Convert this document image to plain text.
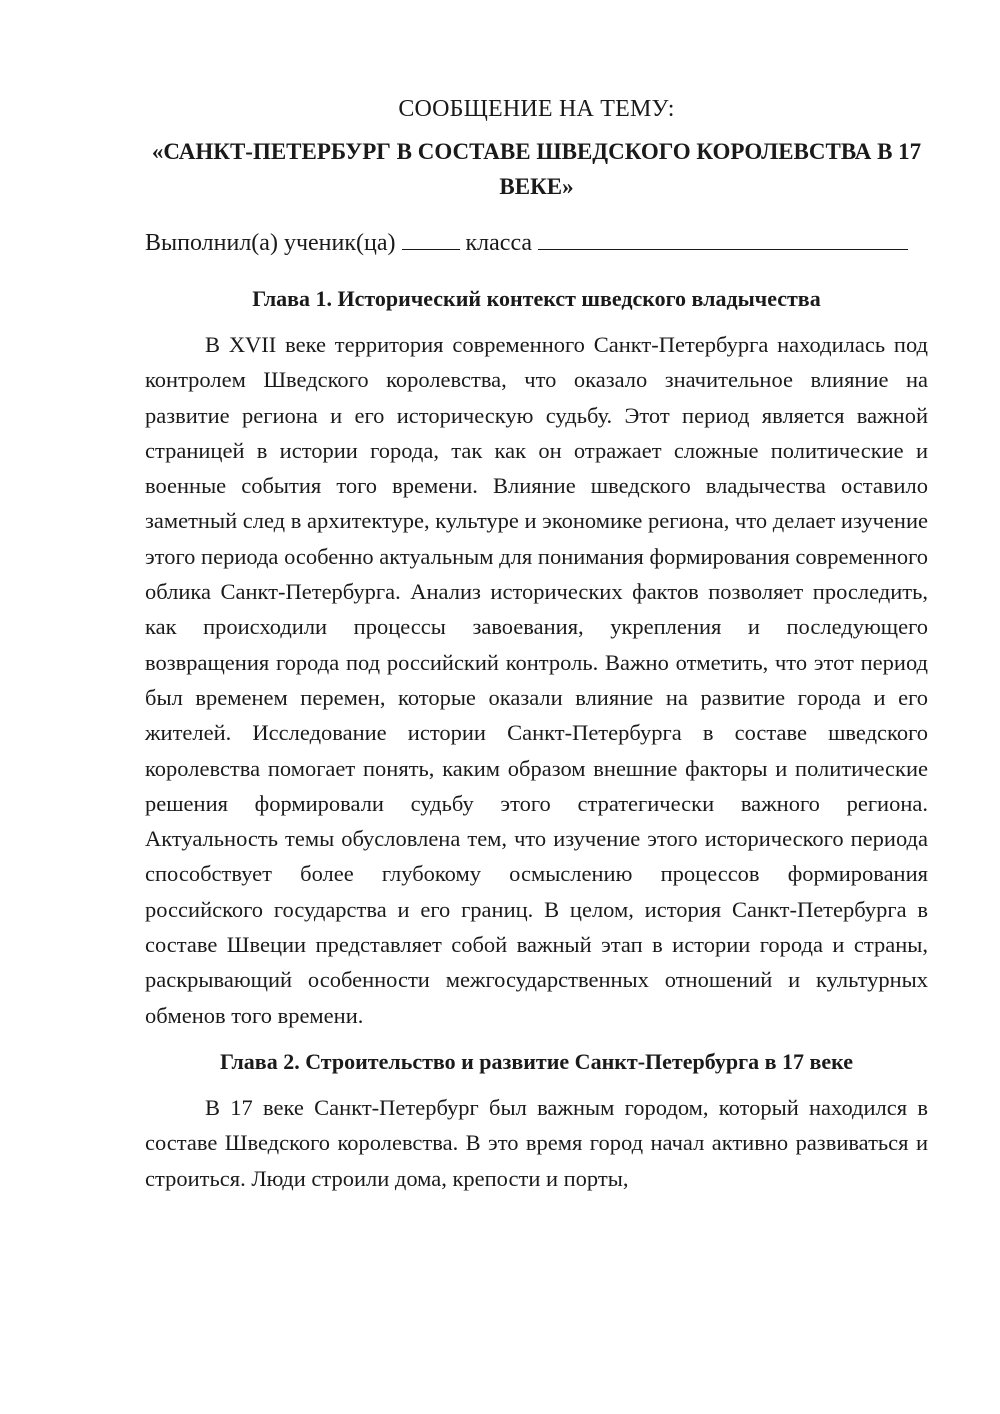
СООБЩЕНИЕ НА ТЕМУ:
«САНКТ-ПЕТЕРБУРГ В СОСТАВЕ ШВЕДСКОГО КОРОЛЕВСТВА В 17 ВЕКЕ»
Выполнил(а) ученик(ца)	класса
Глава 1. Исторический контекст шведского владычества

В XVII веке территория современного Санкт-Петербурга находилась под контролем Шведского королевства, что оказало значительное влияние на развитие региона и его историческую судьбу. Этот период является важной страницей в истории города, так как он отражает сложные политические и военные события того времени. Влияние шведского владычества оставило заметный след в архитектуре, культуре и экономике региона, что делает изучение этого периода особенно актуальным для понимания формирования современного облика Санкт-Петербурга. Анализ исторических фактов позволяет проследить, как происходили процессы завоевания, укрепления и последующего возвращения города под российский контроль. Важно отметить, что этот период был временем перемен, которые оказали влияние на развитие города и его жителей. Исследование истории Санкт-Петербурга в составе шведского королевства помогает понять, каким образом внешние факторы и политические решения формировали судьбу этого стратегически важного региона. Актуальность темы обусловлена тем, что изучение этого исторического периода способствует более глубокому осмыслению процессов формирования российского государства и его границ. В целом, история Санкт-Петербурга в составе Швеции представляет собой важный этап в истории города и страны, раскрывающий особенности межгосударственных отношений и культурных обменов того времени.

Глава 2. Строительство и развитие Санкт-Петербурга в 17 веке

В 17 веке Санкт-Петербург был важным городом, который находился в составе Шведского королевства. В это время город начал активно развиваться и строиться. Люди строили дома, крепости и порты,
